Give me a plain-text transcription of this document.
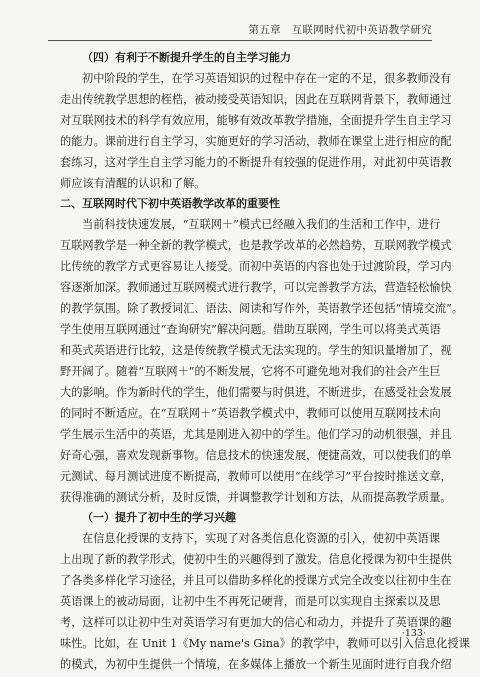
第五章　互联网时代初中英语教学研究
（四）有利于不断提升学生的自主学习能力
初中阶段的学生，在学习英语知识的过程中存在一定的不足，很多教师没有
走出传统教学思想的桎梏，被动接受英语知识，因此在互联网背景下，教师通过
对互联网技术的科学有效应用，能够有效改革教学措施，全面提升学生自主学习
的能力。课前进行自主学习，实施更好的学习活动，教师在课堂上进行相应的配
套练习，这对学生自主学习能力的不断提升有较强的促进作用，对此初中英语教
师应该有清醒的认识和了解。
二、互联网时代下初中英语教学改革的重要性
当前科技快速发展，“互联网＋”模式已经融入我们的生活和工作中，进行
互联网教学是一种全新的教学模式，也是教学改革的必然趋势，互联网教学模式
比传统的教学方式更容易让人接受。而初中英语的内容也处于过渡阶段，学习内
容逐渐加深。教师通过互联网模式进行教学，可以完善教学方法，营造轻松愉快
的教学氛围。除了教授词汇、语法、阅读和写作外，英语教学还包括“情境交流”。
学生使用互联网通过“查询研究”解决问题。借助互联网，学生可以将美式英语
和英式英语进行比较，这是传统教学模式无法实现的。学生的知识量增加了，视
野开阔了。随着“互联网＋”的不断发展，它将不可避免地对我们的社会产生巨
大的影响。作为新时代的学生，他们需要与时俱进，不断进步，在感受社会发展
的同时不断适应。在“互联网＋”英语教学模式中，教师可以使用互联网技术向
学生展示生活中的英语，尤其是刚进入初中的学生。他们学习的动机很强，并且
好奇心强，喜欢发现新事物。信息技术的快速发展，便捷高效，可以使我们的单
元测试、每月测试进度不断提高，教师可以使用“在线学习”平台按时推送文章，
获得准确的测试分析，及时反馈，并调整教学计划和方法，从而提高教学质量。
（一）提升了初中生的学习兴趣
在信息化授课的支持下，实现了对各类信息化资源的引入，使初中英语课
上出现了新的教学形式，使初中生的兴趣得到了激发。信息化授课为初中生提供
了各类多样化学习途径，并且可以借助多样化的授课方式完全改变以往初中生在
英语课上的被动局面，让初中生不再死记硬背，而是可以实现自主探索以及思
考，这样可以让初中生对英语学习有更加大的信心和动力，并提升了英语课的趣
味性。比如，在 Unit 1《My name's Gina》的教学中，教师可以引入信息化授课
的模式，为初中生提供一个情境，在多媒体上播放一个新生见面时进行自我介绍
·133·
